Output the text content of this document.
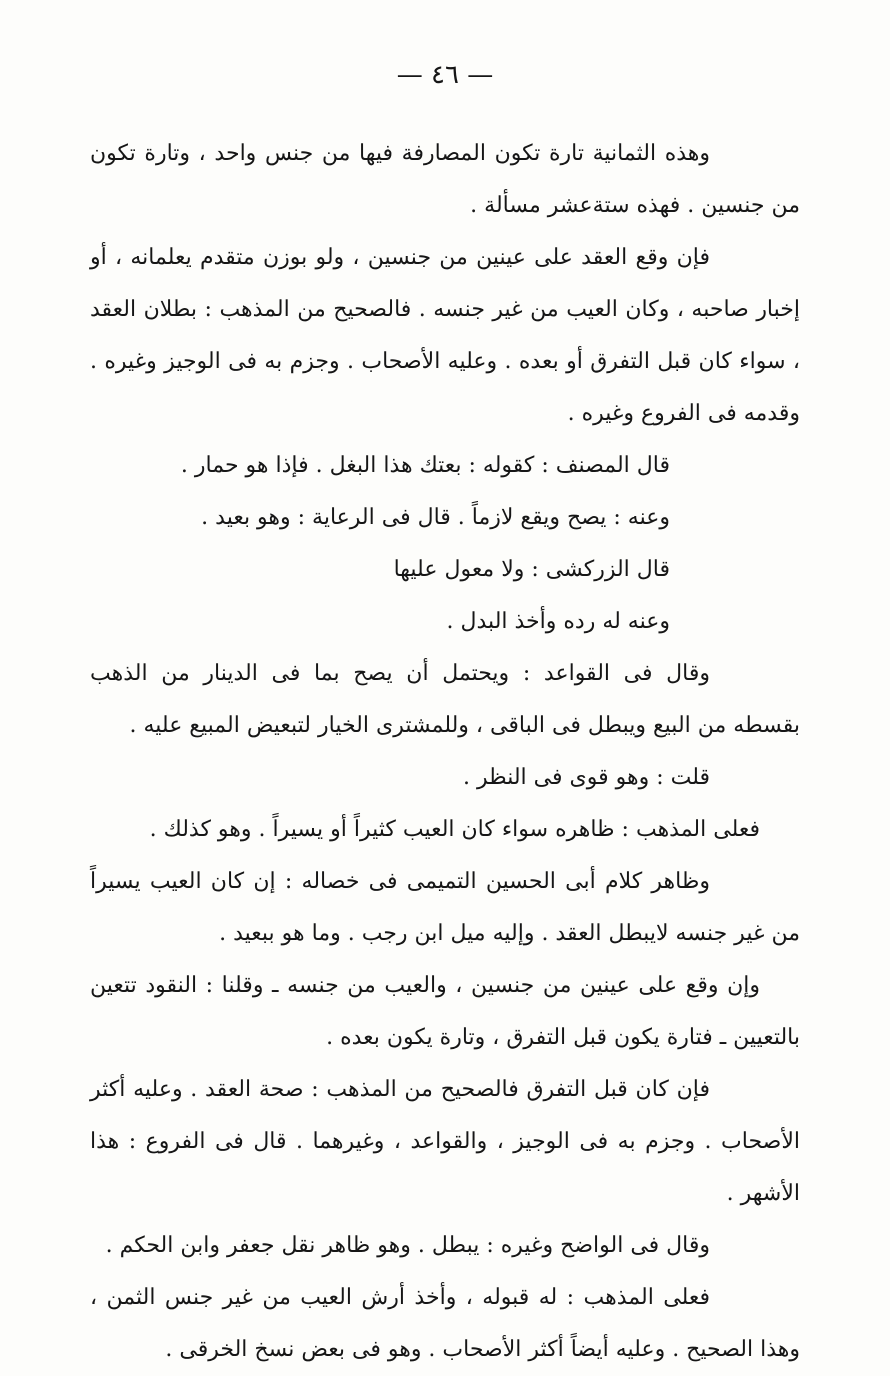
— ٤٦ —

وهذه الثمانية تارة تكون المصارفة فيها من جنس واحد ، وتارة تكون من جنسين . فهذه ستةعشر مسألة .

فإن وقع العقد على عينين من جنسين ، ولو بوزن متقدم يعلمانه ، أو إخبار صاحبه ، وكان العيب من غير جنسه . فالصحيح من المذهب : بطلان العقد ، سواء كان قبل التفرق أو بعده . وعليه الأصحاب . وجزم به فى الوجيز وغيره . وقدمه فى الفروع وغيره .

قال المصنف : كقوله : بعتك هذا البغل . فإذا هو حمار .

وعنه : يصح ويقع لازماً . قال فى الرعاية : وهو بعيد .

قال الزركشى : ولا معول عليها

وعنه له رده وأخذ البدل .

وقال فى القواعد : ويحتمل أن يصح بما فى الدينار من الذهب بقسطه من البيع ويبطل فى الباقى ، وللمشترى الخيار لتبعيض المبيع عليه .

قلت : وهو قوى فى النظر .

فعلى المذهب : ظاهره سواء كان العيب كثيراً أو يسيراً . وهو كذلك .

وظاهر كلام أبى الحسين التميمى فى خصاله : إن كان العيب يسيراً من غير جنسه لايبطل العقد . وإليه ميل ابن رجب . وما هو ببعيد .

وإن وقع على عينين من جنسين ، والعيب من جنسه ـ وقلنا : النقود تتعين بالتعيين ـ فتارة يكون قبل التفرق ، وتارة يكون بعده .

فإن كان قبل التفرق فالصحيح من المذهب : صحة العقد . وعليه أكثر الأصحاب . وجزم به فى الوجيز ، والقواعد ، وغيرهما . قال فى الفروع : هذا الأشهر .

وقال فى الواضح وغيره : يبطل . وهو ظاهر نقل جعفر وابن الحكم .

فعلى المذهب : له قبوله ، وأخذ أرش العيب من غير جنس الثمن ، وهذا الصحيح . وعليه أيضاً أكثر الأصحاب . وهو فى بعض نسخ الخرقى .
